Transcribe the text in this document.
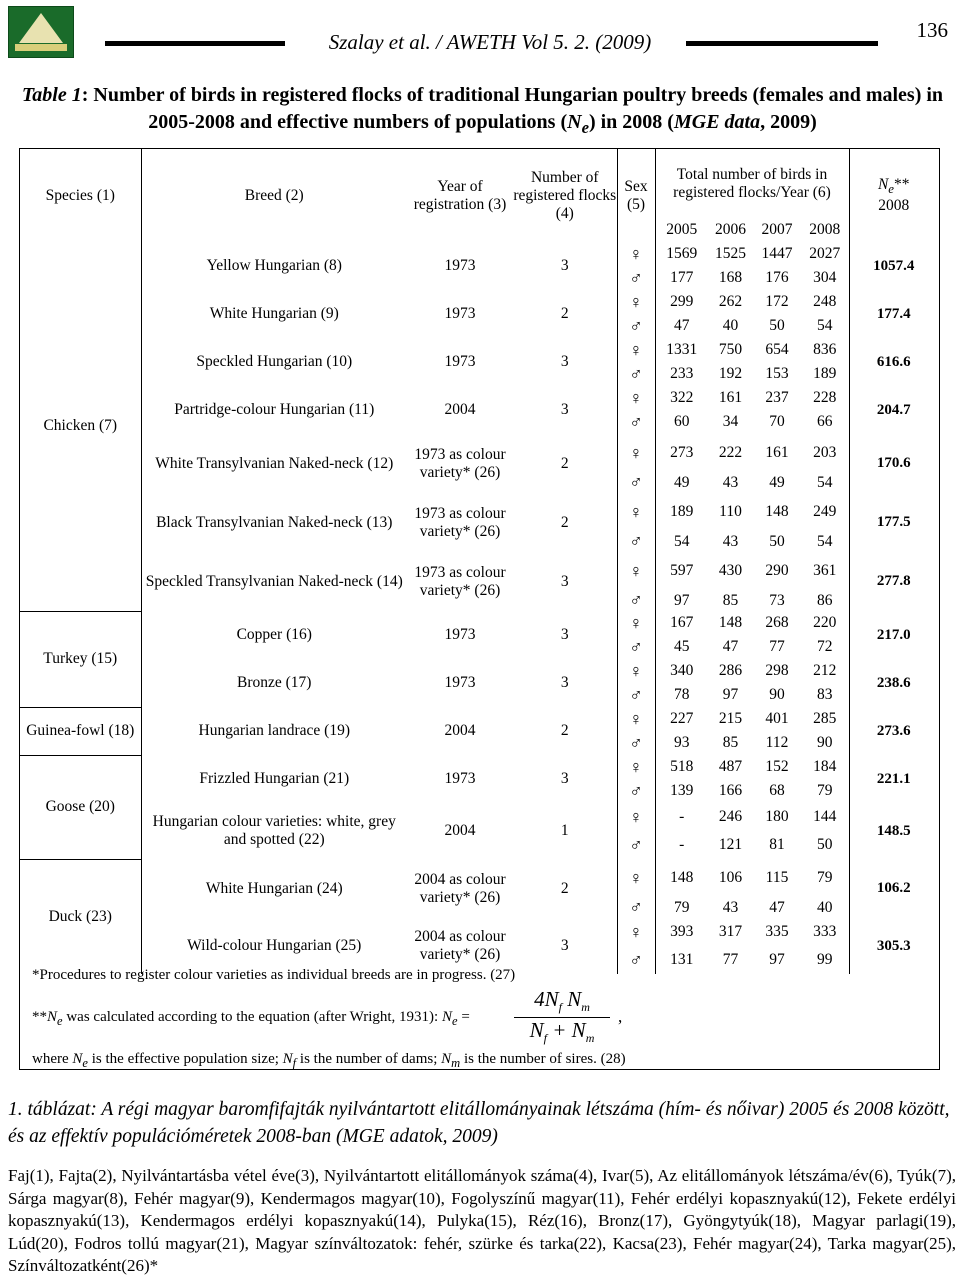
Szalay et al. / AWETH Vol 5. 2. (2009)	136
Table 1: Number of birds in registered flocks of traditional Hungarian poultry breeds (females and males) in 2005-2008 and effective numbers of populations $(N_e)$ in 2008 (MGE data, 2009)
Species (1)	Breed (2)	Year of registration (3)	Number of registered flocks (4)	Sex (5)	Total number of birds in registered flocks/Year (6)				$N_e**$
2008
					2005	2006	2007	2008	
Chicken (7)	Yellow Hungarian (8)	1973	3	♀	1569	1525	1447	2027	1057.4
				♂	177	168	176	304	
	White Hungarian (9)	1973	2	♀	299	262	172	248	177.4
				♂	47	40	50	54	
	Speckled Hungarian (10)	1973	3	♀	1331	750	654	836	616.6
				♂	233	192	153	189	
	Partridge-colour Hungarian (11)	2004	3	♀	322	161	237	228	204.7
				♂	60	34	70	66	
	White Transylvanian Naked-neck (12)	1973 as colour variety* (26)	2	♀	273	222	161	203	170.6
				♂	49	43	49	54	
	Black Transylvanian Naked-neck (13)	1973 as colour variety* (26)	2	♀	189	110	148	249	177.5
				♂	54	43	50	54	
	Speckled Transylvanian Naked-neck (14)	1973 as colour variety* (26)	3	♀	597	430	290	361	277.8
				♂	97	85	73	86	
Turkey (15)	Copper (16)	1973	3	♀	167	148	268	220	217.0
				♂	45	47	77	72	
	Bronze (17)	1973	3	♀	340	286	298	212	238.6
				♂	78	97	90	83	
Guinea-fowl (18)	Hungarian landrace (19)	2004	2	♀	227	215	401	285	273.6
				♂	93	85	112	90	
Goose (20)	Frizzled Hungarian (21)	1973	3	♀	518	487	152	184	221.1
				♂	139	166	68	79	
	Hungarian colour varieties: white, grey and spotted (22)	2004	1	♀	-	246	180	144	148.5
				♂	-	121	81	50	
Duck (23)	White Hungarian (24)	2004 as colour variety* (26)	2	♀	148	106	115	79	106.2
				♂	79	43	47	40	
	Wild-colour Hungarian (25)	2004 as colour variety* (26)	3	♀	393	317	335	333	305.3
				♂	131	77	97	99	
*Procedures to register colour varieties as individual breeds are in progress. (27)
$**N_e$ was calculated according to the equation (after Wright, 1931): $N_e = \frac{4N_f N_m}{N_f + N_m}$ ,
where $N_e$ is the effective population size; $N_f$ is the number of dams; $N_m$ is the number of sires. (28)
1. táblázat: A régi magyar baromfifajták nyilvántartott elitállományainak létszáma (hím- és nőivar) 2005 és 2008 között, és az effektív populációméretek 2008-ban (MGE adatok, 2009)
Faj(1), Fajta(2), Nyilvántartásba vétel éve(3), Nyilvántartott elitállományok száma(4), Ivar(5), Az elitállományok létszáma/év(6), Tyúk(7), Sárga magyar(8), Fehér magyar(9), Kendermagos magyar(10), Fogolyszínű magyar(11), Fehér erdélyi kopasznyakú(12), Fekete erdélyi kopasznyakú(13), Kendermagos erdélyi kopasznyakú(14), Pulyka(15), Réz(16), Bronz(17), Gyöngytyúk(18), Magyar parlagi(19), Lúd(20), Fodros tollú magyar(21), Magyar színváltozatok: fehér, szürke és tarka(22), Kacsa(23), Fehér magyar(24), Tarka magyar(25), Színváltozatként(26)*
